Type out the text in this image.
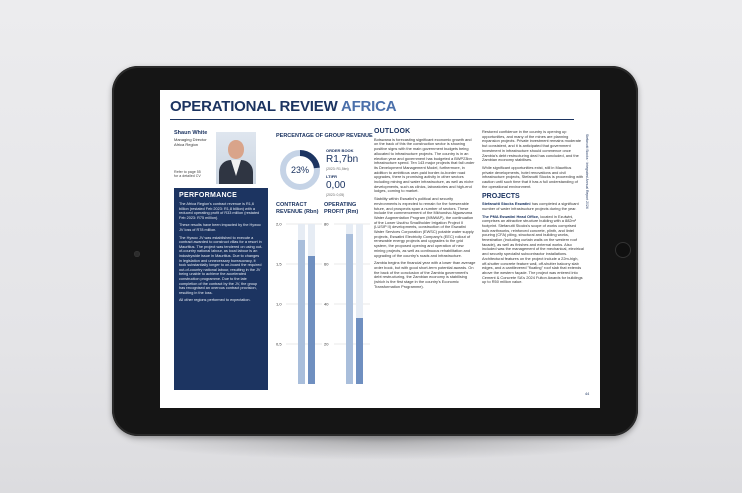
OPERATIONAL REVIEW AFRICA
Shaun White
Managing Director
Africa Region
Refer to page 55
for a detailed CV
PERFORMANCE

The Africa Region's contract revenue is R1,6 billion (restated Feb 2023: R1,8 billion) with a reduced operating profit of R33 million (restated Feb 2023: R75 million).

These results have been impacted by the Hywoc JV loss of R78 million.

The Hywoc JV was established to execute a contract awarded to construct villas for a resort in Mauritius. The project was tendered on using out-of-country national labour, as local labour is an industrywide issue in Mauritius. Due to changes in legislation and unnecessary bureaucracy, it took substantially longer to on-board the required out-of-country national labour, resulting in the JV being unable to achieve the accelerated construction programme. Due to the late completion of the contract by the JV, the group has recognised an onerous contract provision, resulting in the loss.

All other regions performed to expectation.

PERCENTAGE OF GROUP REVENUE
23%
ORDER BOOK
R1,7bn
(2023: R1,5bn)
LTIFR
0,00
(2023: 0,05)
CONTRACT REVENUE (Rbn)
OPERATING PROFIT (Rm)
2,0
1,5
1,0
0,5
80
60
40
20
OUTLOOK

Botswana is forecasting significant economic growth and on the back of this the construction sector is showing positive signs with the main government budgets being allocated to infrastructure projects. The country is in an election year and government has budgeted a BWP23bn infrastructure spend. Ten 143 major projects that fall under its Development Management Model, furthermore, in addition to ambitious user-paid border-to-border road upgrades, there is promising activity in other sectors including mining and water infrastructure, as well as niche developments, such as clinics, laboratories and high-end lodges, coming to market.

Stability within Eswatini's political and security environments is expected to remain for the foreseeable future, and prospects span a number of sectors. These include the commencement of the Mkhondvo-Ngwavuma Water Augmentation Program (MNWAP), the continuation of the Lower Usuthu Smallholder Irrigation Project II (LUSIP II) developments, construction of the Eswatini Water Services Corporation (EWSC) potable water supply projects, Eswatini Electricity Company's (EEC) rollout of renewable energy projects and upgrades to the grid system, the proposed opening and operation of new mining projects, as well as continuous rehabilitation and upgrading of the country's roads and infrastructure.

Zambia begins the financial year with a lower than average order book, but with good short-term potential awards. On the back of the conclusion of the Zambia government's debt restructuring, the Zambian economy is stabilising (which is the first stage in the country's Economic Transformation Programme).

Restored confidence in the country is opening up opportunities, and many of the mines are planning expansion projects. Private investment remains moderate but consistent, and it is anticipated that government investment in infrastructure should commence once Zambia's debt restructuring deal has concluded, and the Zambian economy stabilises.

While significant opportunities exist, still in Mauritius private developments, hotel renovations and civil infrastructure projects, Stefanutti Stocks is proceeding with caution until such time that it has a full understanding of the operational environment.

PROJECTS

Stefanutti Stocks Eswatini has completed a significant number of water infrastructure projects during the year.

The PMA Eswatini Head Office, located in Ezulwini, comprises an attractive structure building with a 882m² footprint. Stefanutti Stocks's scope of works comprised bulk earthworks, reinforced concrete, plinth, and lintel pouring (CFA) piling, structural and building works, fenestration (including curtain walls on the western roof facade), as well as finishes and external works. Also included was the management of the mechanical, electrical and security specialist subcontractor installations. Architectural features on the project include a 22m-high, off-shutter concrete feature wall, off-shutter balcony slab edges, and a cantilevered "floating" roof slab that extends above the western façade. The project was entered into Cement & Concrete SA's 2024 Fulton Awards for buildings up to R50 million value.

Stefanutti Stocks · Integrated Annual Report 2024
44
